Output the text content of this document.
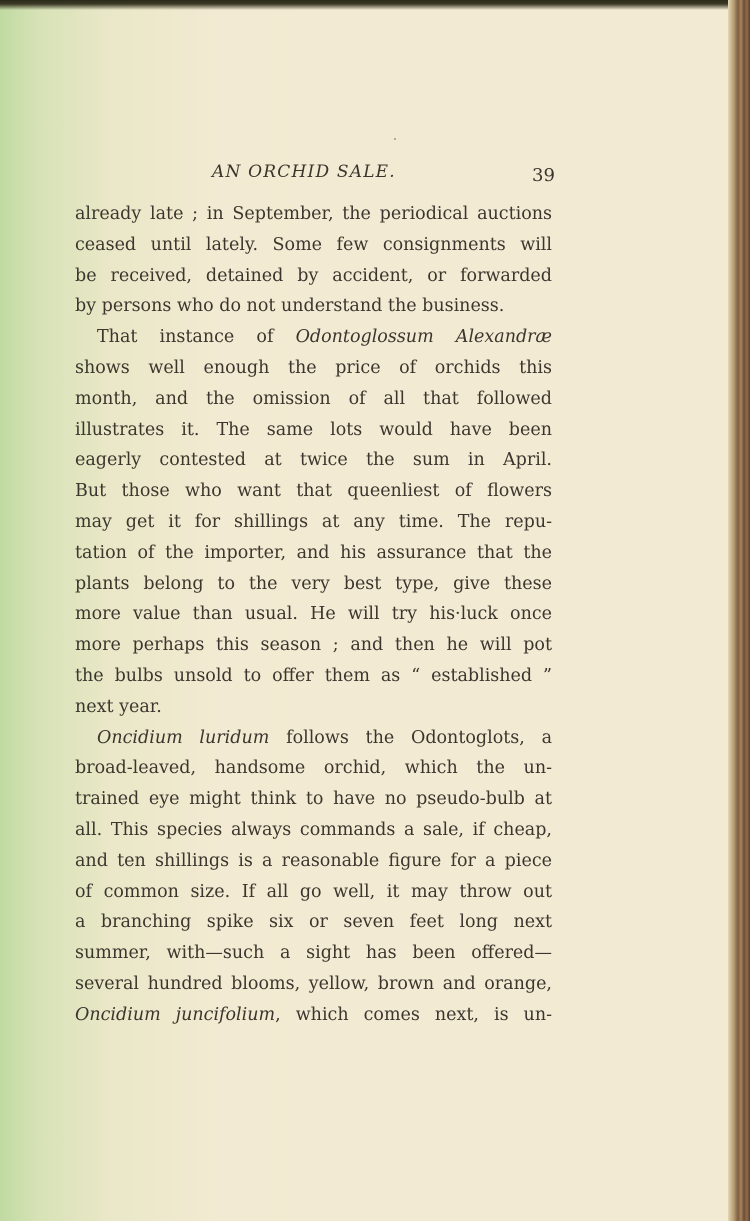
AN ORCHID SALE.	39
already late ; in September, the periodical auctions
ceased until lately. Some few consignments will
be received, detained by accident, or forwarded
by persons who do not understand the business.
That instance of Odontoglossum Alexandræ
shows well enough the price of orchids this
month, and the omission of all that followed
illustrates it. The same lots would have been
eagerly contested at twice the sum in April.
But those who want that queenliest of flowers
may get it for shillings at any time. The repu-
tation of the importer, and his assurance that the
plants belong to the very best type, give these
more value than usual. He will try his·luck once
more perhaps this season ; and then he will pot
the bulbs unsold to offer them as “ established ”
next year.
Oncidium luridum follows the Odontoglots, a
broad-leaved, handsome orchid, which the un-
trained eye might think to have no pseudo-bulb at
all. This species always commands a sale, if cheap,
and ten shillings is a reasonable figure for a piece
of common size. If all go well, it may throw out
a branching spike six or seven feet long next
summer, with—such a sight has been offered—
several hundred blooms, yellow, brown and orange,
Oncidium juncifolium, which comes next, is un-
